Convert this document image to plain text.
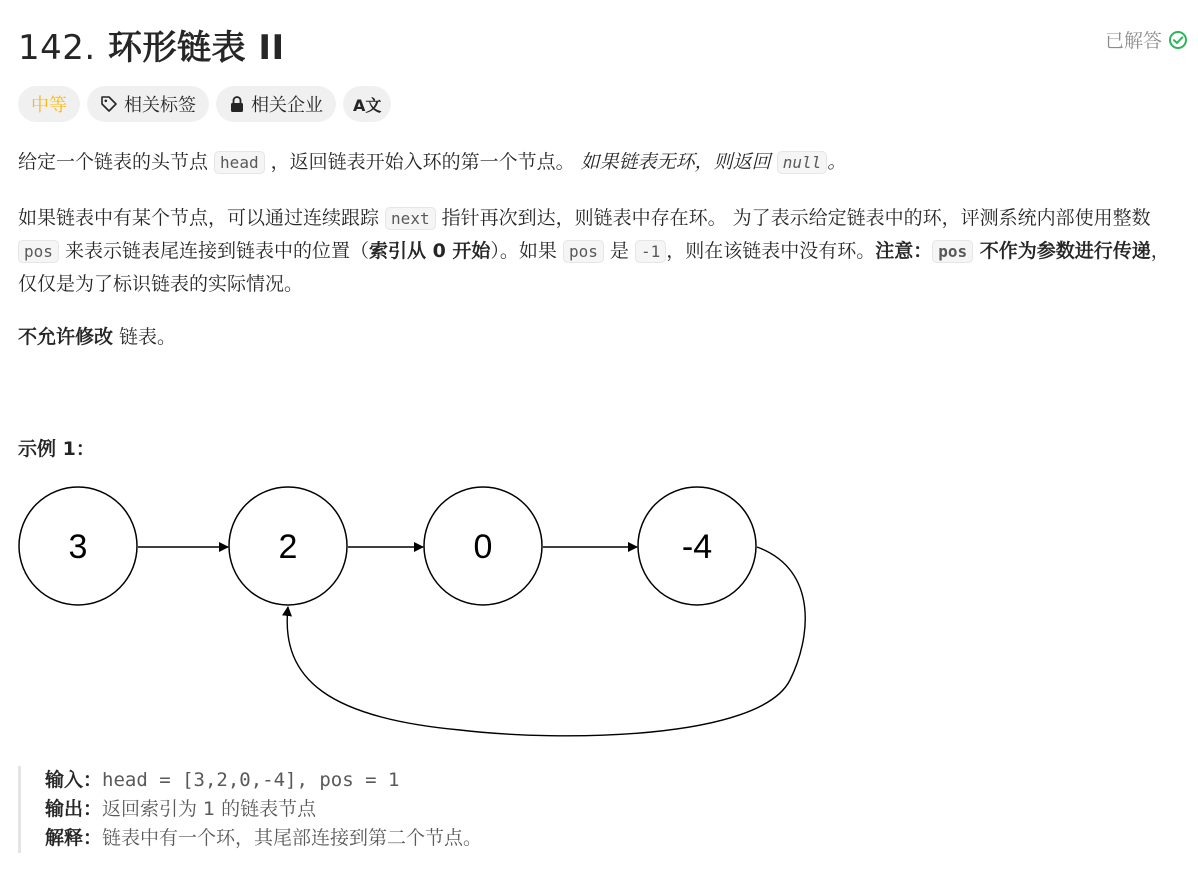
142. 环形链表 II	已解答
中等	相关标签	相关企业 A文
给定一个链表的头节点 head ，返回链表开始入环的第一个节点。 如果链表无环，则返回 null 。
如果链表中有某个节点，可以通过连续跟踪 next 指针再次到达，则链表中存在环。 为了表示给定链表中的环，评测系统内部使用整数 pos 来表示链表尾连接到链表中的位置（索引从 0 开始）。如果 pos 是 -1 ，则在该链表中没有环。注意： pos 不作为参数进行传递，仅仅是为了标识链表的实际情况。
不允许修改 链表。
示例 1：
3	2	0	-4
输入：head = [3,2,0,-4], pos = 1
输出：返回索引为 1 的链表节点
解释：链表中有一个环，其尾部连接到第二个节点。
